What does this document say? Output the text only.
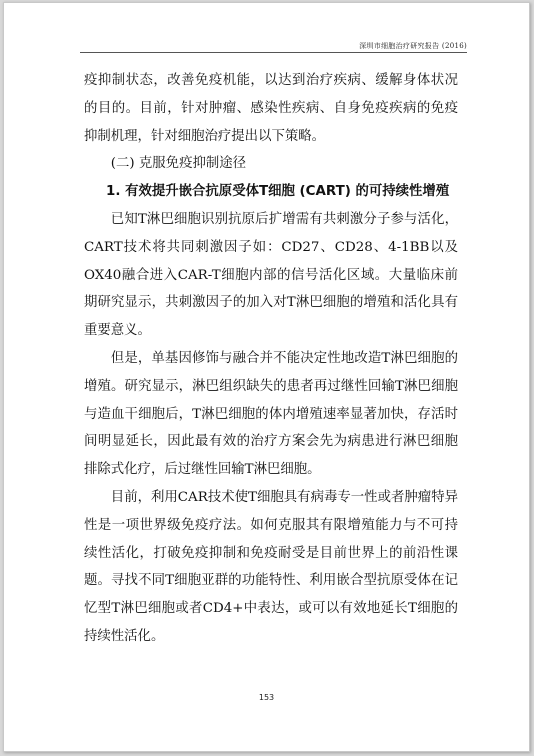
深圳市细胞治疗研究报告 (2016)

疫抑制状态，改善免疫机能，以达到治疗疾病、缓解身体状况的目的。目前，针对肿瘤、感染性疾病、自身免疫疾病的免疫抑制机理，针对细胞治疗提出以下策略。

(二) 克服免疫抑制途径

1. 有效提升嵌合抗原受体T细胞 (CART) 的可持续性增殖

已知T淋巴细胞识别抗原后扩增需有共刺激分子参与活化，CART技术将共同刺激因子如：CD27、CD28、4-1BB以及OX40融合进入CAR-T细胞内部的信号活化区域。大量临床前期研究显示，共刺激因子的加入对T淋巴细胞的增殖和活化具有重要意义。

但是，单基因修饰与融合并不能决定性地改造T淋巴细胞的增殖。研究显示，淋巴组织缺失的患者再过继性回输T淋巴细胞与造血干细胞后，T淋巴细胞的体内增殖速率显著加快，存活时间明显延长，因此最有效的治疗方案会先为病患进行淋巴细胞排除式化疗，后过继性回输T淋巴细胞。

目前，利用CAR技术使T细胞具有病毒专一性或者肿瘤特异性是一项世界级免疫疗法。如何克服其有限增殖能力与不可持续性活化，打破免疫抑制和免疫耐受是目前世界上的前沿性课题。寻找不同T细胞亚群的功能特性、利用嵌合型抗原受体在记忆型T淋巴细胞或者CD4+中表达，或可以有效地延长T细胞的持续性活化。

153
